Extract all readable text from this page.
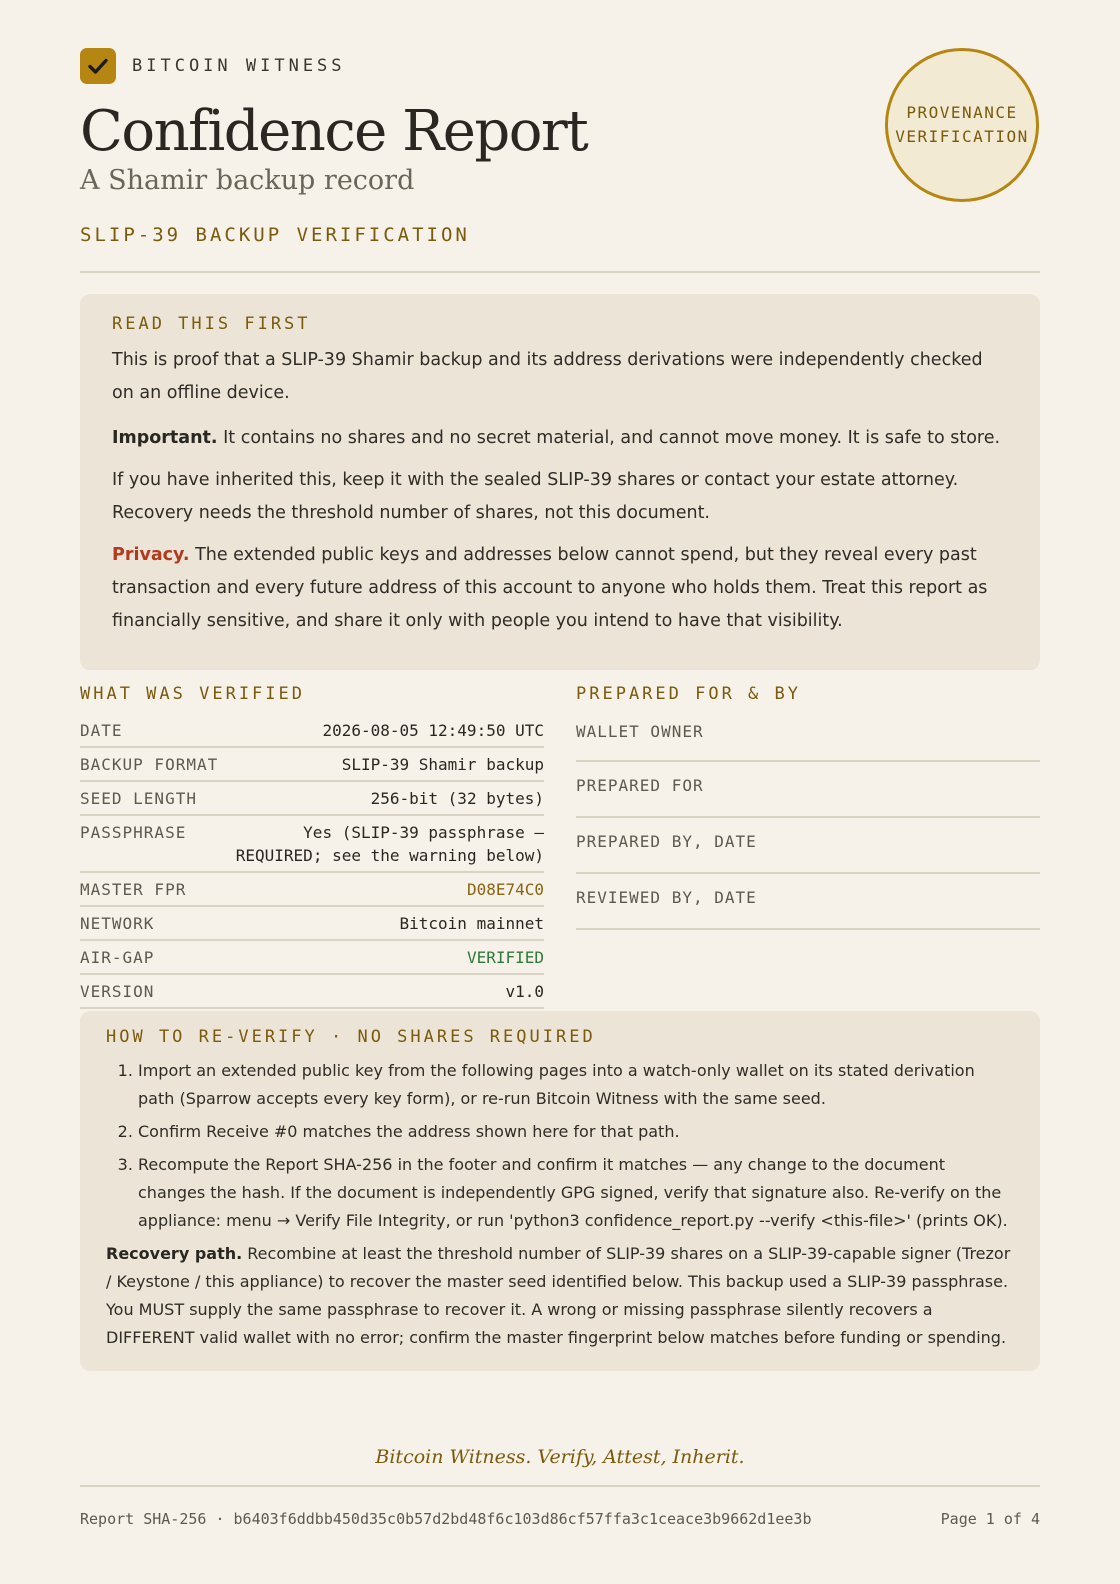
BITCOIN WITNESS
Confidence Report
A Shamir backup record
SLIP-39 BACKUP VERIFICATION
PROVENANCE
VERIFICATION
READ THIS FIRST

This is proof that a SLIP-39 Shamir backup and its address derivations were independently checked on an offline device.

Important. It contains no shares and no secret material, and cannot move money. It is safe to store.

If you have inherited this, keep it with the sealed SLIP-39 shares or contact your estate attorney. Recovery needs the threshold number of shares, not this document.

Privacy. The extended public keys and addresses below cannot spend, but they reveal every past transaction and every future address of this account to anyone who holds them. Treat this report as financially sensitive, and share it only with people you intend to have that visibility.

WHAT WAS VERIFIED
DATE	2026-08-05 12:49:50 UTC
BACKUP FORMAT	SLIP-39 Shamir backup
SEED LENGTH	256-bit (32 bytes)
PASSPHRASE	Yes (SLIP-39 passphrase —
REQUIRED; see the warning below)
MASTER FPR	D08E74C0
NETWORK	Bitcoin mainnet
AIR-GAP	VERIFIED
VERSION	v1.0
PREPARED FOR & BY
WALLET OWNER
PREPARED FOR
PREPARED BY, DATE
REVIEWED BY, DATE
HOW TO RE-VERIFY · NO SHARES REQUIRED
1. Import an extended public key from the following pages into a watch-only wallet on its stated derivation path (Sparrow accepts every key form), or re-run Bitcoin Witness with the same seed.
2. Confirm Receive #0 matches the address shown here for that path.
3. Recompute the Report SHA-256 in the footer and confirm it matches — any change to the document changes the hash. If the document is independently GPG signed, verify that signature also. Re-verify on the appliance: menu → Verify File Integrity, or run 'python3 confidence_report.py --verify <this-file>' (prints OK).

Recovery path. Recombine at least the threshold number of SLIP-39 shares on a SLIP-39-capable signer (Trezor / Keystone / this appliance) to recover the master seed identified below. This backup used a SLIP-39 passphrase. You MUST supply the same passphrase to recover it. A wrong or missing passphrase silently recovers a DIFFERENT valid wallet with no error; confirm the master fingerprint below matches before funding or spending.

Bitcoin Witness. Verify, Attest, Inherit.
Report SHA-256 · b6403f6ddbb450d35c0b57d2bd48f6c103d86cf57ffa3c1ceace3b9662d1ee3b	Page 1 of 4
